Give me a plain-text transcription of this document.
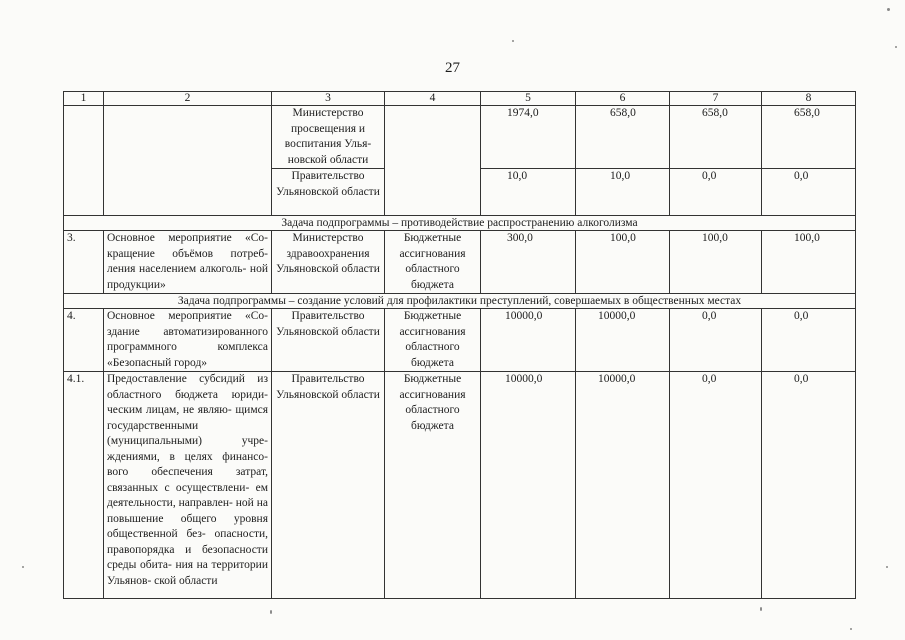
27
1	2	3	4	5	6	7	8
		Министерство просвещения и воспитания Улья- новской области		1974,0	658,0	658,0	658,0
		Правительство Ульяновской области		10,0	10,0	0,0	0,0
Задача подпрограммы – противодействие распространению алкоголизма							
3.	Основное мероприятие «Со- кращение объёмов потреб- ления населением алкоголь- ной продукции»	Министерство здравоохранения Ульяновской области	Бюджетные ассигнования областного бюджета	300,0	100,0	100,0	100,0
Задача подпрограммы – создание условий для профилактики преступлений, совершаемых в общественных местах							
4.	Основное мероприятие «Со- здание автоматизированного программного комплекса «Безопасный город»	Правительство Ульяновской области	Бюджетные ассигнования областного бюджета	10000,0	10000,0	0,0	0,0
4.1.	Предоставление субсидий из областного бюджета юриди- ческим лицам, не являю- щимся государственными (муниципальными) учре- ждениями, в целях финансо- вого обеспечения затрат, связанных с осуществлени- ем деятельности, направлен- ной на повышение общего уровня общественной без- опасности, правопорядка и безопасности среды обита- ния на территории Ульянов- ской области	Правительство Ульяновской области	Бюджетные ассигнования областного бюджета	10000,0	10000,0	0,0	0,0
